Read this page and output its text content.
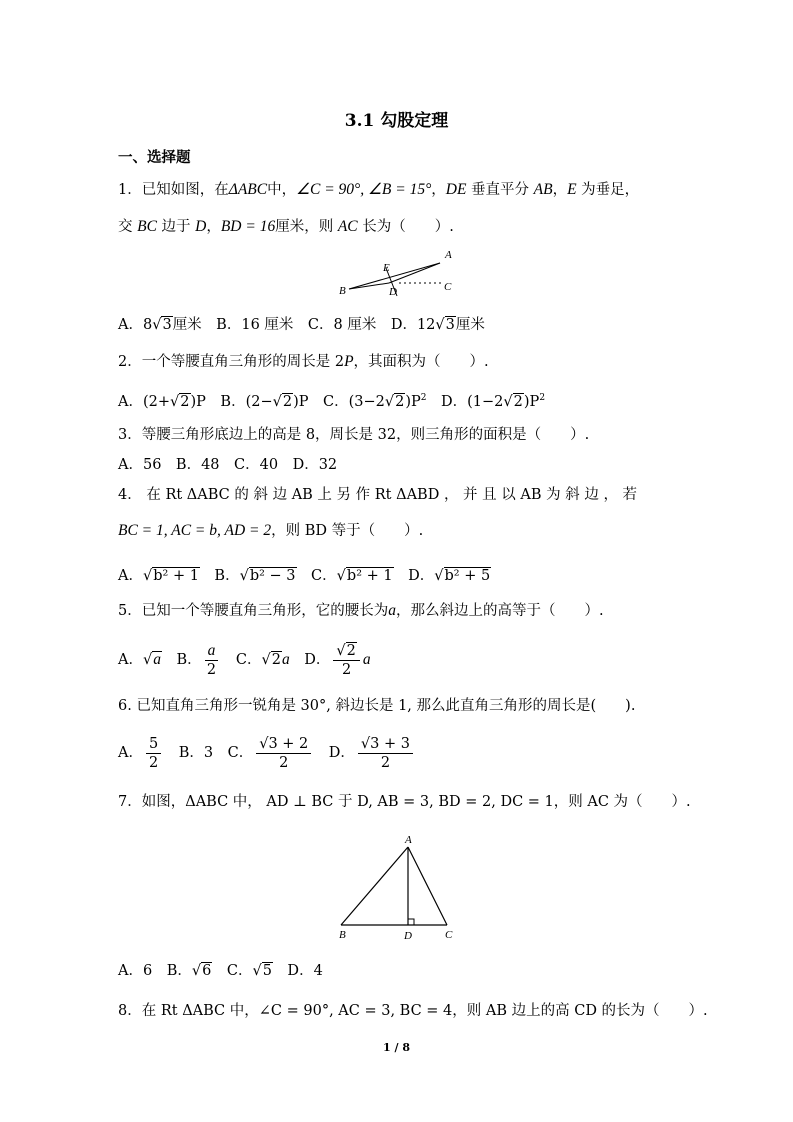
3.1 勾股定理
一、选择题
1．已知如图，在ΔABC中，∠C = 90°, ∠B = 15°，DE 垂直平分 AB，E 为垂足，
交 BC 边于 D，BD = 16厘米，则 AC 长为（　　）.
A
B	C
D
E
A．8√3厘米　B．16 厘米　C．8 厘米　D．12√3厘米
2．一个等腰直角三角形的周长是 2P，其面积为（　　）.
A．(2+√2)P　B．(2−√2)P　C．$(3-2√2)P^2$　D．$(1-2√2)P^2$
3．等腰三角形底边上的高是 8，周长是 32，则三角形的面积是（　　）.
A．56　B．48　C．40　D．32
4． 在 Rt ΔABC 的 斜 边 AB 上 另 作 Rt ΔABD ， 并 且 以 AB 为 斜 边 ， 若
BC = 1, AC = b, AD = 2，则 BD 等于（　　）.
A．√b² + 1　B．√b² − 3　C．√b² + 1　D．√b² + 5
5．已知一个等腰直角三角形，它的腰长为a，那么斜边上的高等于（　　）.
A．√a　B． $\frac{a}{2}$ 　C．√2a　D． $\frac{√2}{2}$ a
6. 已知直角三角形一锐角是 30°, 斜边长是 1, 那么此直角三角形的周长是(　　).
A． $\frac{5}{2}$ 　B．3　C． $\frac{√3 + 2}{2}$ 　D． $\frac{√3 + 3}{2}$
7．如图，ΔABC 中， AD ⊥ BC 于 D, AB = 3, BD = 2, DC = 1，则 AC 为（　　）.
A
B	D	C
A．6　B．√6　C．√5　D．4
8．在 Rt ΔABC 中，∠C = 90°, AC = 3, BC = 4，则 AB 边上的高 CD 的长为（　　）.
1 / 8
